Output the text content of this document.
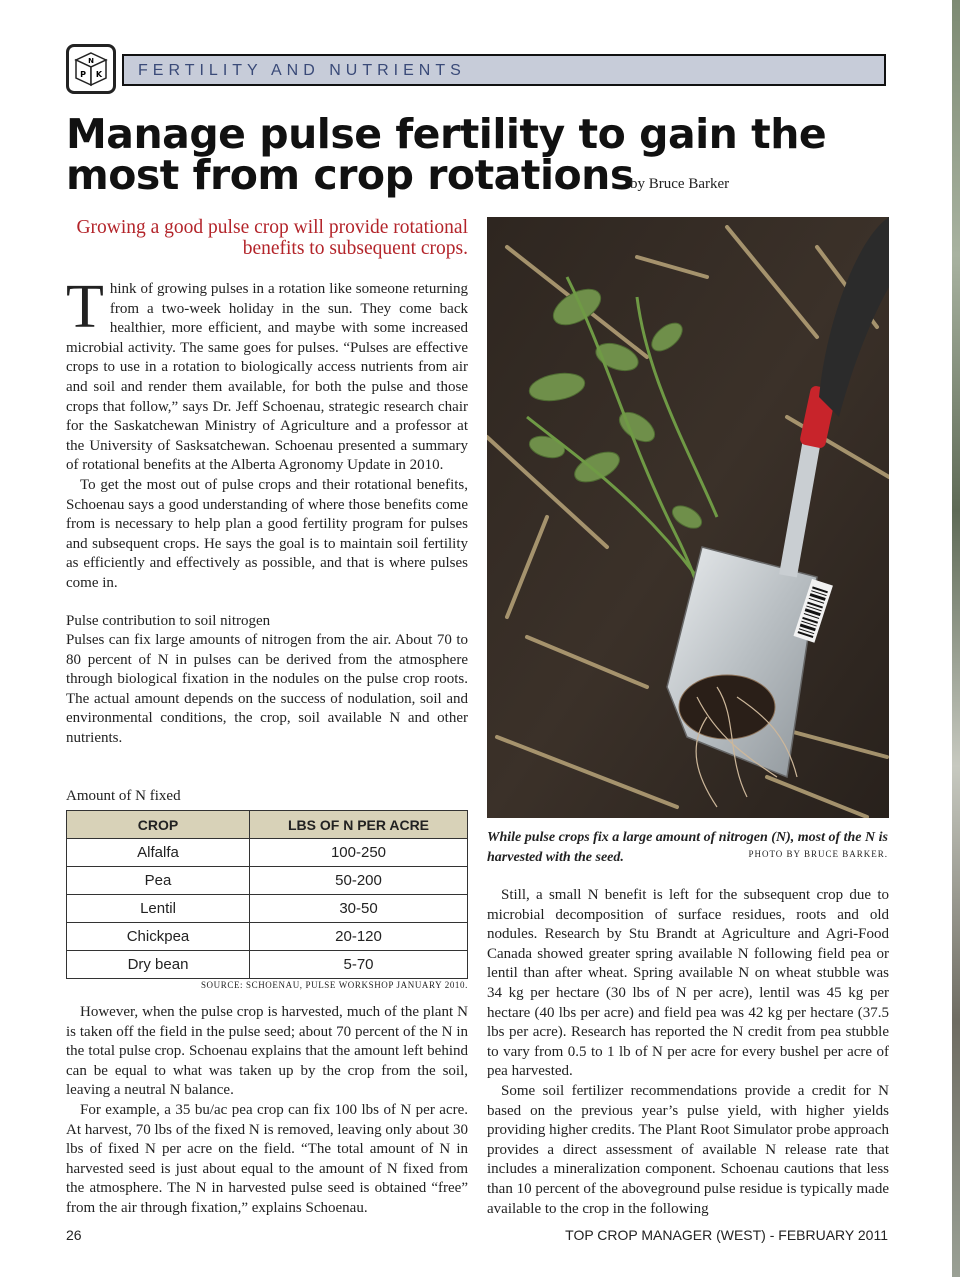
N
P K FERTILITY AND NUTRIENTS
Manage pulse fertility to gain the
most from crop rotations
by Bruce Barker
Growing a good pulse crop will provide rotational benefits to subsequent crops.

Think of growing pulses in a rotation like someone returning from a two-week holiday in the sun. They come back healthier, more efficient, and maybe with some increased microbial activity. The same goes for pulses. “Pulses are effective crops to use in a rotation to biologically access nutrients from air and soil and render them available, for both the pulse and those crops that follow,” says Dr. Jeff Schoenau, strategic research chair for the Saskatchewan Ministry of Agriculture and a professor at the University of Sasksatchewan. Schoenau presented a summary of rotational benefits at the Alberta Agronomy Update in 2010.

To get the most out of pulse crops and their rotational benefits, Schoenau says a good understanding of where those benefits come from is necessary to help plan a good fertility program for pulses and subsequent crops. He says the goal is to maintain soil fertility as efficiently and effectively as possible, and that is where pulses come in.

Pulse contribution to soil nitrogen

Pulses can fix large amounts of nitrogen from the air. About 70 to 80 percent of N in pulses can be derived from the atmosphere through biological fixation in the nodules on the pulse crop roots. The actual amount depends on the success of nodulation, soil and environmental conditions, the crop, soil available N and other nutrients.

Amount of N fixed
CROP	LBS OF N PER ACRE
Alfalfa	100-250
Pea	50-200
Lentil	30-50
Chickpea	20-120
Dry bean	5-70
SOURCE: SCHOENAU, PULSE WORKSHOP JANUARY 2010.

However, when the pulse crop is harvested, much of the plant N is taken off the field in the pulse seed; about 70 percent of the N in the total pulse crop. Schoenau explains that the amount left behind can be equal to what was taken up by the crop from the soil, leaving a neutral N balance.

For example, a 35 bu/ac pea crop can fix 100 lbs of N per acre. At harvest, 70 lbs of the fixed N is removed, leaving only about 30 lbs of fixed N per acre on the field. “The total amount of N in harvested seed is just about equal to the amount of N fixed from the atmosphere. The N in harvested pulse seed is obtained “free” from the air through fixation,” explains Schoenau.

While pulse crops fix a large amount of nitrogen (N), most of the N is harvested with the seed.	PHOTO BY BRUCE BARKER.

Still, a small N benefit is left for the subsequent crop due to microbial decomposition of surface residues, roots and old nodules. Research by Stu Brandt at Agriculture and Agri-Food Canada showed greater spring available N following field pea or lentil than after wheat. Spring available N on wheat stubble was 34 kg per hectare (30 lbs of N per acre), lentil was 45 kg per hectare (40 lbs per acre) and field pea was 42 kg per hectare (37.5 lbs per acre). Research has reported the N credit from pea stubble to vary from 0.5 to 1 lb of N per acre for every bushel per acre of pea harvested.

Some soil fertilizer recommendations provide a credit for N based on the previous year’s pulse yield, with higher yields providing higher credits. The Plant Root Simulator probe approach provides a direct assessment of available N release rate that includes a mineralization component. Schoenau cautions that less than 10 percent of the aboveground pulse residue is typically made available to the crop in the following

26	TOP CROP MANAGER (WEST) - FEBRUARY 2011
